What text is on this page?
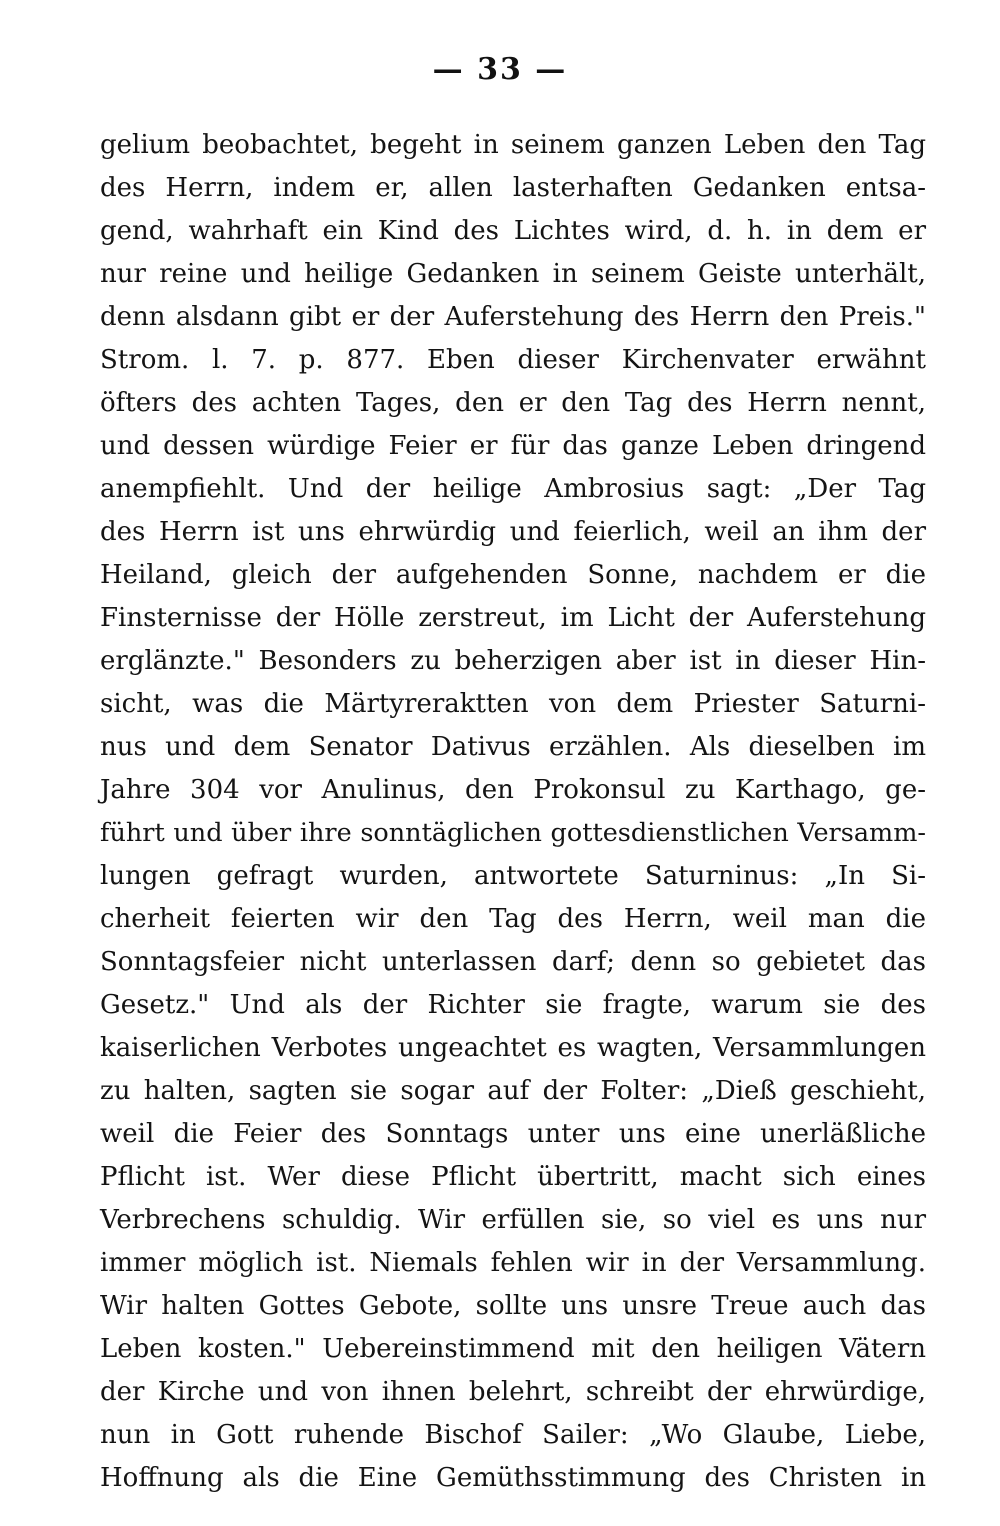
— 33 —
gelium beobachtet, begeht in seinem ganzen Leben den Tag
des Herrn, indem er, allen lasterhaften Gedanken entsa-
gend, wahrhaft ein Kind des Lichtes wird, d. h. in dem er
nur reine und heilige Gedanken in seinem Geiste unterhält,
denn alsdann gibt er der Auferstehung des Herrn den Preis."
Strom. l. 7. p. 877. Eben dieser Kirchenvater erwähnt
öfters des achten Tages, den er den Tag des Herrn nennt,
und dessen würdige Feier er für das ganze Leben dringend
anempfiehlt. Und der heilige Ambrosius sagt: „Der Tag
des Herrn ist uns ehrwürdig und feierlich, weil an ihm der
Heiland, gleich der aufgehenden Sonne, nachdem er die
Finsternisse der Hölle zerstreut, im Licht der Auferstehung
erglänzte." Besonders zu beherzigen aber ist in dieser Hin-
sicht, was die Märtyreraktten von dem Priester Saturni-
nus und dem Senator Dativus erzählen. Als dieselben im
Jahre 304 vor Anulinus, den Prokonsul zu Karthago, ge-
führt und über ihre sonntäglichen gottesdienstlichen Versamm-
lungen gefragt wurden, antwortete Saturninus: „In Si-
cherheit feierten wir den Tag des Herrn, weil man die
Sonntagsfeier nicht unterlassen darf; denn so gebietet das
Gesetz." Und als der Richter sie fragte, warum sie des
kaiserlichen Verbotes ungeachtet es wagten, Versammlungen
zu halten, sagten sie sogar auf der Folter: „Dieß geschieht,
weil die Feier des Sonntags unter uns eine unerläßliche
Pflicht ist. Wer diese Pflicht übertritt, macht sich eines
Verbrechens schuldig. Wir erfüllen sie, so viel es uns nur
immer möglich ist. Niemals fehlen wir in der Versammlung.
Wir halten Gottes Gebote, sollte uns unsre Treue auch das
Leben kosten." Uebereinstimmend mit den heiligen Vätern
der Kirche und von ihnen belehrt, schreibt der ehrwürdige,
nun in Gott ruhende Bischof Sailer: „Wo Glaube, Liebe,
Hoffnung als die Eine Gemüthsstimmung des Christen in
